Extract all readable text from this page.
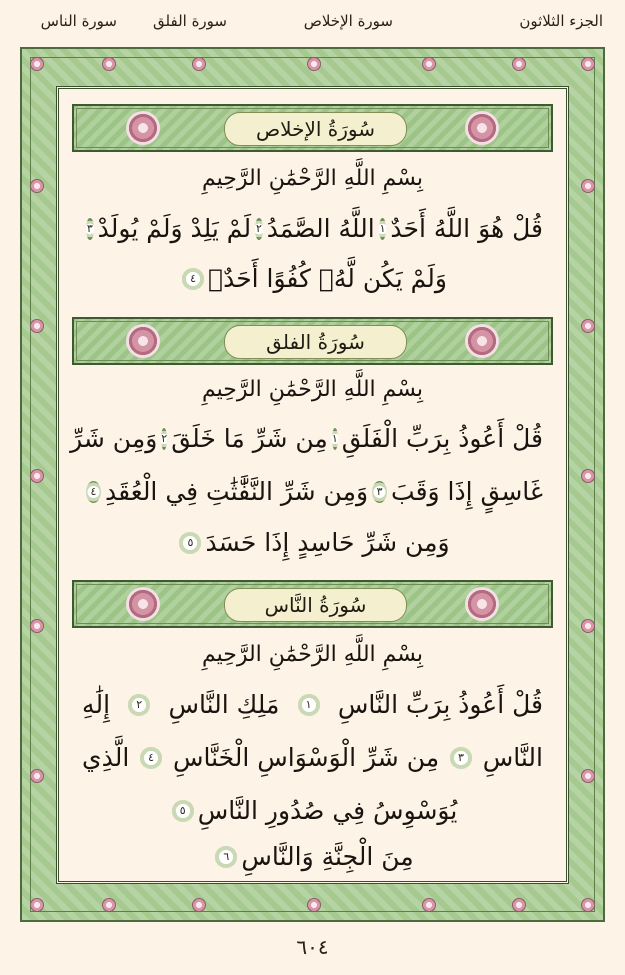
الجزء الثلاثون
سورة الإخلاص
سورة الفلق
سورة الناس
سُورَةُ الإخلاص
بِسْمِ اللَّهِ الرَّحْمَٰنِ الرَّحِيمِ
قُلْ هُوَ اللَّهُ أَحَدٌ
١
اللَّهُ الصَّمَدُ
٢
لَمْ يَلِدْ وَلَمْ يُولَدْ
٣
وَلَمْ يَكُن لَّهُۥ كُفُوًا أَحَدٌۢ
٤
سُورَةُ الفلق
بِسْمِ اللَّهِ الرَّحْمَٰنِ الرَّحِيمِ
قُلْ أَعُوذُ بِرَبِّ الْفَلَقِ
١
مِن شَرِّ مَا خَلَقَ
٢
وَمِن شَرِّ
غَاسِقٍ إِذَا وَقَبَ
٣
وَمِن شَرِّ النَّفَّٰثَٰتِ فِي الْعُقَدِ
٤
وَمِن شَرِّ حَاسِدٍ إِذَا حَسَدَ
٥
سُورَةُ النَّاس
بِسْمِ اللَّهِ الرَّحْمَٰنِ الرَّحِيمِ
قُلْ أَعُوذُ بِرَبِّ النَّاسِ
١
مَلِكِ النَّاسِ
٢
إِلَٰهِ
النَّاسِ
٣
مِن شَرِّ الْوَسْوَاسِ الْخَنَّاسِ
٤
الَّذِي
يُوَسْوِسُ فِي صُدُورِ النَّاسِ
٥
مِنَ الْجِنَّةِ وَالنَّاسِ
٦
٦٠٤
